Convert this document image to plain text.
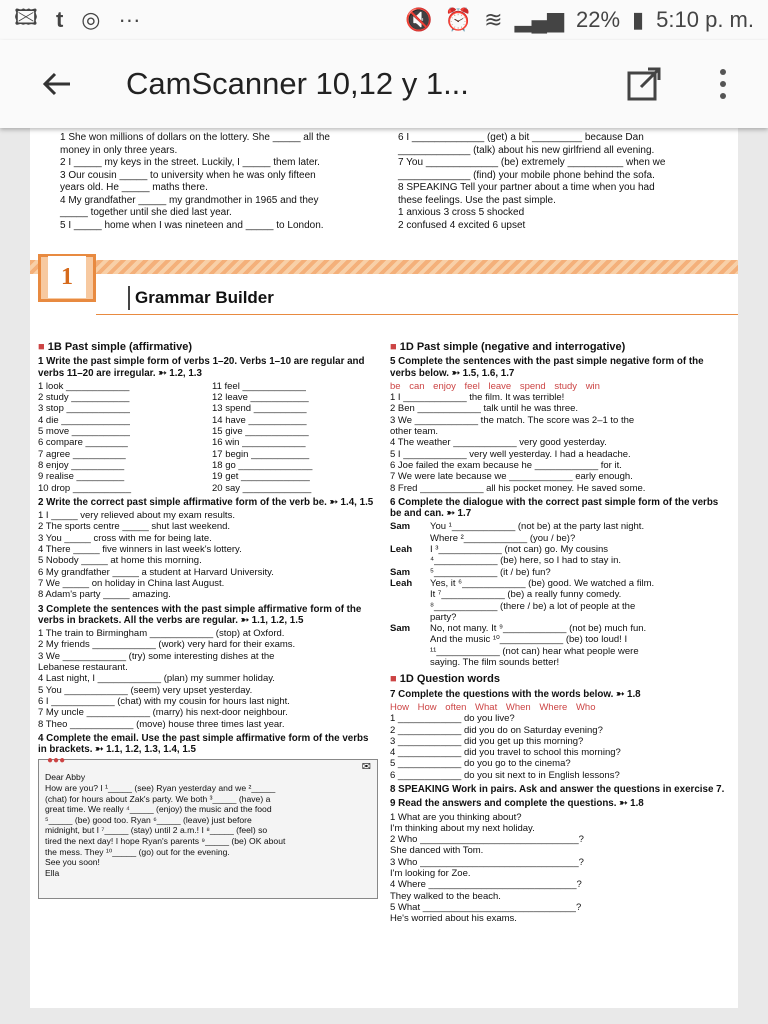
🖾 t ◎ ···	🔇 ⏰ ≋ ▂▄▆ 22% ▮ 5:10 p. m.
CamScanner 10,12 y 1...
1 She won millions of dollars on the lottery. She _____ all the
money in only three years.
2 I _____ my keys in the street. Luckily, I _____ them later.
3 Our cousin _____ to university when he was only fifteen
years old. He _____ maths there.
4 My grandfather _____ my grandmother in 1965 and they
_____ together until she died last year.
5 I _____ home when I was nineteen and _____ to London.
6 I _____________ (get) a bit _________ because Dan
_____________ (talk) about his new girlfriend all evening.
7 You _____________ (be) extremely __________ when we
_____________ (find) your mobile phone behind the sofa.
8 SPEAKING Tell your partner about a time when you had
these feelings. Use the past simple.
1 anxious 3 cross 5 shocked
2 confused 4 excited 6 upset
1
Grammar Builder
■ 1B Past simple (affirmative)
1 Write the past simple form of verbs 1–20. Verbs 1–10 are regular and verbs 11–20 are irregular. ➳ 1.2, 1.3
1 look ____________
2 study ___________
3 stop ____________
4 die _____________
5 move ___________
6 compare ________
7 agree __________
8 enjoy __________
9 realise _________
10 drop ___________
11 feel ____________
12 leave ___________
13 spend __________
14 have ___________
15 give ____________
16 win ____________
17 begin ___________
18 go ______________
19 get _____________
20 say _____________
2 Write the correct past simple affirmative form of the verb be. ➳ 1.4, 1.5
1 I _____ very relieved about my exam results.
2 The sports centre _____ shut last weekend.
3 You _____ cross with me for being late.
4 There _____ five winners in last week's lottery.
5 Nobody _____ at home this morning.
6 My grandfather _____ a student at Harvard University.
7 We _____ on holiday in China last August.
8 Adam's party _____ amazing.
3 Complete the sentences with the past simple affirmative form of the verbs in brackets. All the verbs are regular. ➳ 1.1, 1.2, 1.5
1 The train to Birmingham ____________ (stop) at Oxford.
2 My friends ____________ (work) very hard for their exams.
3 We ____________ (try) some interesting dishes at the
Lebanese restaurant.
4 Last night, I ____________ (plan) my summer holiday.
5 You ____________ (seem) very upset yesterday.
6 I ____________ (chat) with my cousin for hours last night.
7 My uncle ____________ (marry) his next-door neighbour.
8 Theo ____________ (move) house three times last year.
4 Complete the email. Use the past simple affirmative form of the verbs in brackets. ➳ 1.1, 1.2, 1.3, 1.4, 1.5
●●●
✉
Dear Abby
How are you? I ¹_____ (see) Ryan yesterday and we ²_____
(chat) for hours about Zak's party. We both ³_____ (have) a
great time. We really ⁴_____ (enjoy) the music and the food
⁵_____ (be) good too. Ryan ⁶_____ (leave) just before
midnight, but I ⁷_____ (stay) until 2 a.m.! I ⁸_____ (feel) so
tired the next day! I hope Ryan's parents ⁹_____ (be) OK about
the mess. They ¹⁰_____ (go) out for the evening.
See you soon!
Ella
■ 1D Past simple (negative and interrogative)
5 Complete the sentences with the past simple negative form of the verbs below. ➳ 1.5, 1.6, 1.7
be can enjoy feel leave spend study win
1 I ____________ the film. It was terrible!
2 Ben ____________ talk until he was three.
3 We ____________ the match. The score was 2–1 to the
other team.
4 The weather ____________ very good yesterday.
5 I ____________ very well yesterday. I had a headache.
6 Joe failed the exam because he ____________ for it.
7 We were late because we ____________ early enough.
8 Fred ____________ all his pocket money. He saved some.
6 Complete the dialogue with the correct past simple form of the verbs be and can. ➳ 1.7
Sam	You ¹____________ (not be) at the party last night.
Where ²____________ (you / be)?
Leah	I ³____________ (not can) go. My cousins
⁴____________ (be) here, so I had to stay in.
Sam	⁵____________ (it / be) fun?
Leah	Yes, it ⁶____________ (be) good. We watched a film.
It ⁷____________ (be) a really funny comedy.
⁸____________ (there / be) a lot of people at the
party?
Sam	No, not many. It ⁹____________ (not be) much fun.
And the music ¹⁰____________ (be) too loud! I
¹¹____________ (not can) hear what people were
saying. The film sounds better!
■ 1D Question words
7 Complete the questions with the words below. ➳ 1.8
How How often What When Where Who
1 ____________ do you live?
2 ____________ did you do on Saturday evening?
3 ____________ did you get up this morning?
4 ____________ did you travel to school this morning?
5 ____________ do you go to the cinema?
6 ____________ do you sit next to in English lessons?
8 SPEAKING Work in pairs. Ask and answer the questions in exercise 7.
9 Read the answers and complete the questions. ➳ 1.8
1 What are you thinking about?
I'm thinking about my next holiday.
2 Who ______________________________?
She danced with Tom.
3 Who ______________________________?
I'm looking for Zoe.
4 Where ____________________________?
They walked to the beach.
5 What _____________________________?
He's worried about his exams.
